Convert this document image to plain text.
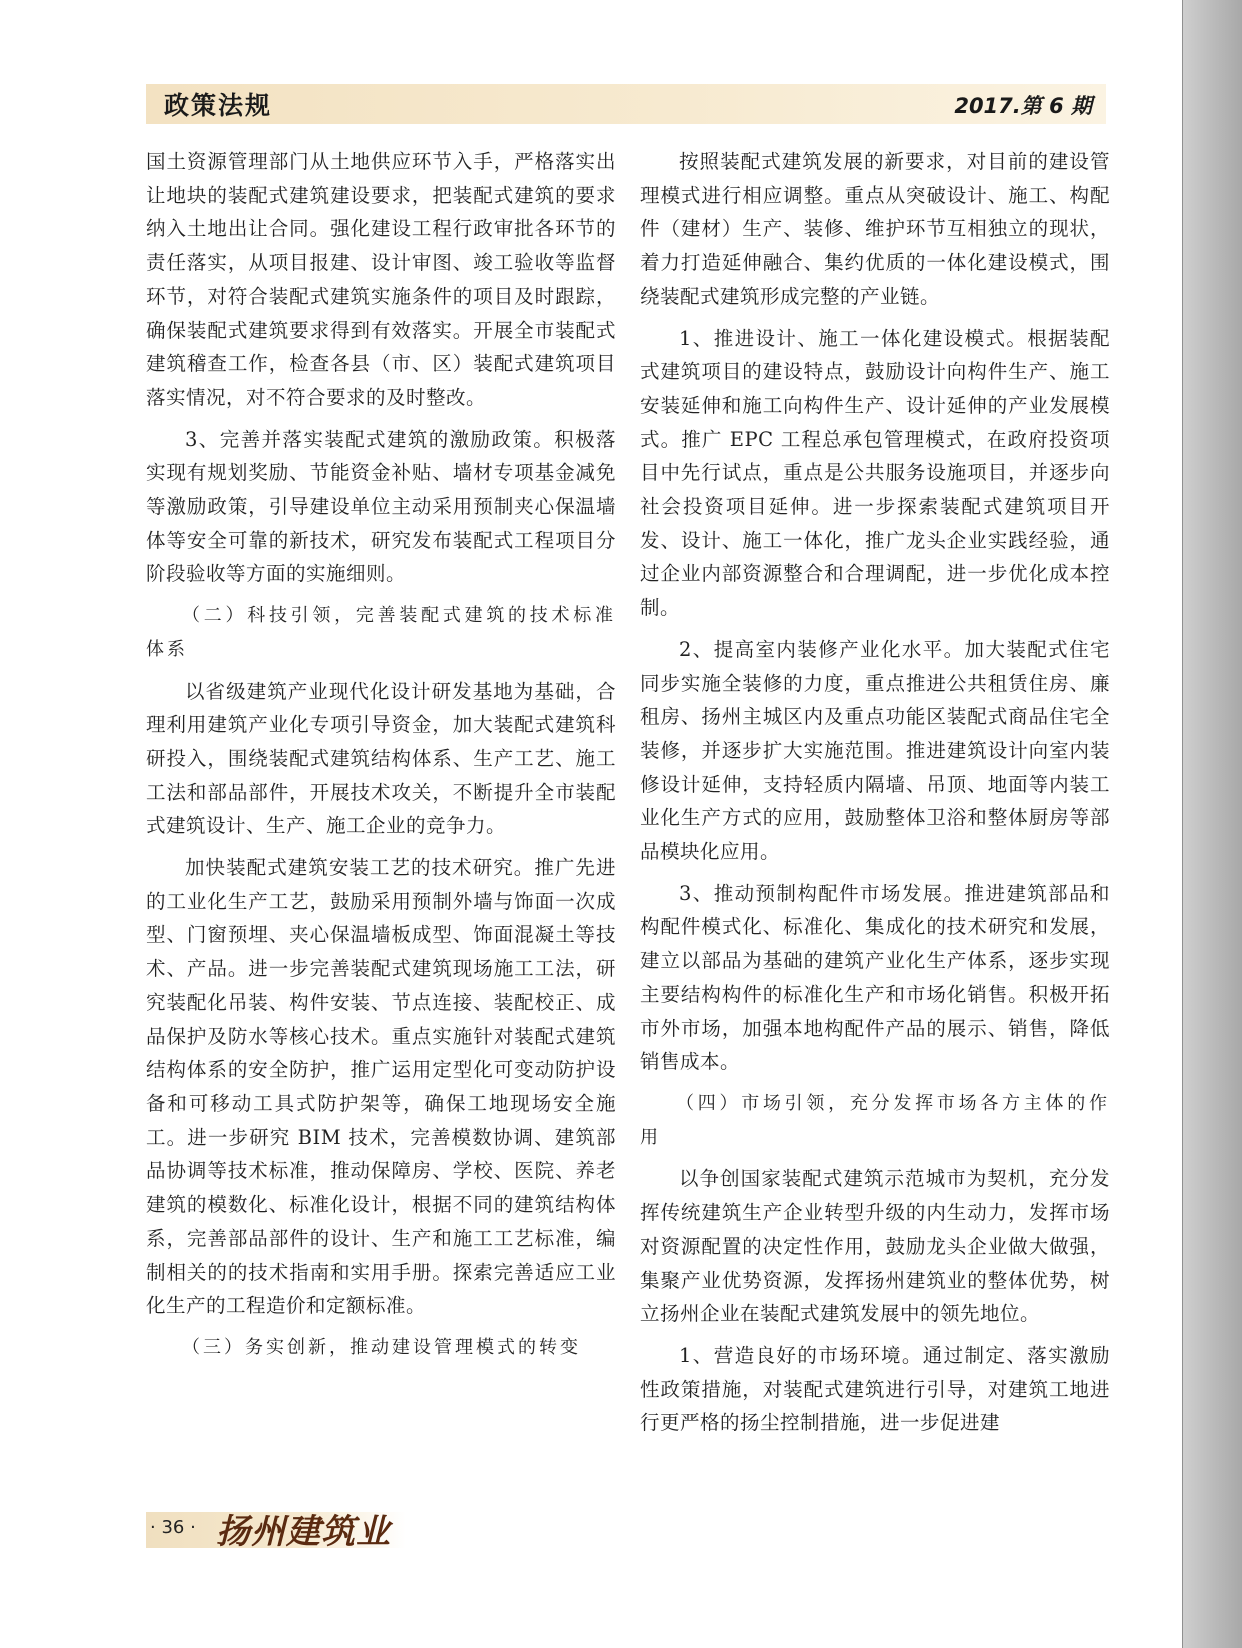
政策法规	2017.第 6 期

国土资源管理部门从土地供应环节入手，严格落实出让地块的装配式建筑建设要求，把装配式建筑的要求纳入土地出让合同。强化建设工程行政审批各环节的责任落实，从项目报建、设计审图、竣工验收等监督环节，对符合装配式建筑实施条件的项目及时跟踪，确保装配式建筑要求得到有效落实。开展全市装配式建筑稽查工作，检查各县（市、区）装配式建筑项目落实情况，对不符合要求的及时整改。

3、完善并落实装配式建筑的激励政策。积极落实现有规划奖励、节能资金补贴、墙材专项基金减免等激励政策，引导建设单位主动采用预制夹心保温墙体等安全可靠的新技术，研究发布装配式工程项目分阶段验收等方面的实施细则。

（二）科技引领，完善装配式建筑的技术标准体系

以省级建筑产业现代化设计研发基地为基础，合理利用建筑产业化专项引导资金，加大装配式建筑科研投入，围绕装配式建筑结构体系、生产工艺、施工工法和部品部件，开展技术攻关，不断提升全市装配式建筑设计、生产、施工企业的竞争力。

加快装配式建筑安装工艺的技术研究。推广先进的工业化生产工艺，鼓励采用预制外墙与饰面一次成型、门窗预埋、夹心保温墙板成型、饰面混凝土等技术、产品。进一步完善装配式建筑现场施工工法，研究装配化吊装、构件安装、节点连接、装配校正、成品保护及防水等核心技术。重点实施针对装配式建筑结构体系的安全防护，推广运用定型化可变动防护设备和可移动工具式防护架等，确保工地现场安全施工。进一步研究 BIM 技术，完善模数协调、建筑部品协调等技术标准，推动保障房、学校、医院、养老建筑的模数化、标准化设计，根据不同的建筑结构体系，完善部品部件的设计、生产和施工工艺标准，编制相关的的技术指南和实用手册。探索完善适应工业化生产的工程造价和定额标准。

（三）务实创新，推动建设管理模式的转变

按照装配式建筑发展的新要求，对目前的建设管理模式进行相应调整。重点从突破设计、施工、构配件（建材）生产、装修、维护环节互相独立的现状，着力打造延伸融合、集约优质的一体化建设模式，围绕装配式建筑形成完整的产业链。

1、推进设计、施工一体化建设模式。根据装配式建筑项目的建设特点，鼓励设计向构件生产、施工安装延伸和施工向构件生产、设计延伸的产业发展模式。推广 EPC 工程总承包管理模式，在政府投资项目中先行试点，重点是公共服务设施项目，并逐步向社会投资项目延伸。进一步探索装配式建筑项目开发、设计、施工一体化，推广龙头企业实践经验，通过企业内部资源整合和合理调配，进一步优化成本控制。

2、提高室内装修产业化水平。加大装配式住宅同步实施全装修的力度，重点推进公共租赁住房、廉租房、扬州主城区内及重点功能区装配式商品住宅全装修，并逐步扩大实施范围。推进建筑设计向室内装修设计延伸，支持轻质内隔墙、吊顶、地面等内装工业化生产方式的应用，鼓励整体卫浴和整体厨房等部品模块化应用。

3、推动预制构配件市场发展。推进建筑部品和构配件模式化、标准化、集成化的技术研究和发展，建立以部品为基础的建筑产业化生产体系，逐步实现主要结构构件的标准化生产和市场化销售。积极开拓市外市场，加强本地构配件产品的展示、销售，降低销售成本。

（四）市场引领，充分发挥市场各方主体的作用

以争创国家装配式建筑示范城市为契机，充分发挥传统建筑生产企业转型升级的内生动力，发挥市场对资源配置的决定性作用，鼓励龙头企业做大做强，集聚产业优势资源，发挥扬州建筑业的整体优势，树立扬州企业在装配式建筑发展中的领先地位。

1、营造良好的市场环境。通过制定、落实激励性政策措施，对装配式建筑进行引导，对建筑工地进行更严格的扬尘控制措施，进一步促进建

· 36 · 扬州建筑业
